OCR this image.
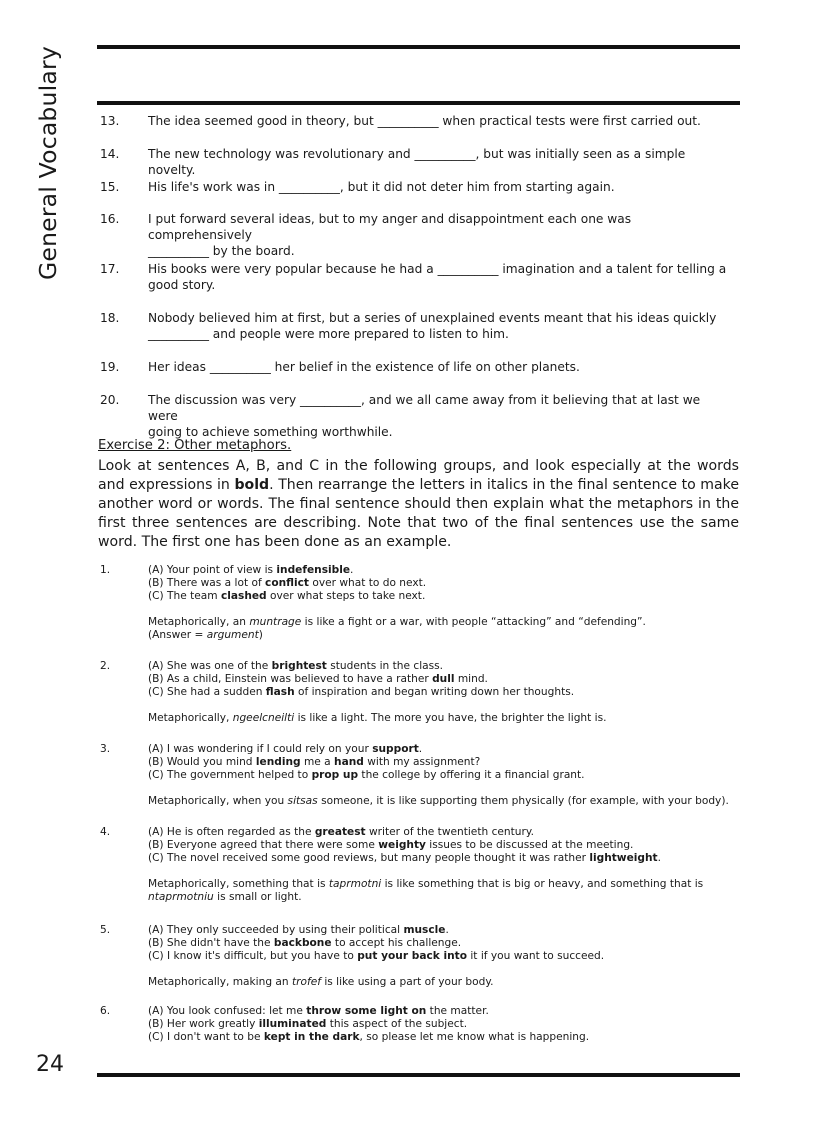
General Vocabulary	13. The idea seemed good in theory, but __________ when practical tests were first carried out.
14. The new technology was revolutionary and __________, but was initially seen as a simple novelty.
15. His life's work was in __________, but it did not deter him from starting again.
16. I put forward several ideas, but to my anger and disappointment each one was comprehensively
__________ by the board.
17. His books were very popular because he had a __________ imagination and a talent for telling a
good story.
18. Nobody believed him at first, but a series of unexplained events meant that his ideas quickly
__________ and people were more prepared to listen to him.
19. Her ideas __________ her belief in the existence of life on other planets.
20. The discussion was very __________, and we all came away from it believing that at last we were
going to achieve something worthwhile.
Exercise 2: Other metaphors.
Look at sentences A, B, and C in the following groups, and look especially at the words and expressions in bold. Then rearrange the letters in italics in the final sentence to make another word or words. The final sentence should then explain what the metaphors in the first three sentences are describing. Note that two of the final sentences use the same word. The first one has been done as an example.
1.	(A) Your point of view is indefensible.
(B) There was a lot of conflict over what to do next.
(C) The team clashed over what steps to take next.
Metaphorically, an muntrage is like a fight or a war, with people “attacking” and “defending”.
(Answer = argument)
2.	(A) She was one of the brightest students in the class.
(B) As a child, Einstein was believed to have a rather dull mind.
(C) She had a sudden flash of inspiration and began writing down her thoughts.
Metaphorically, ngeelcneilti is like a light. The more you have, the brighter the light is.
3.	(A) I was wondering if I could rely on your support.
(B) Would you mind lending me a hand with my assignment?
(C) The government helped to prop up the college by offering it a financial grant.
Metaphorically, when you sitsas someone, it is like supporting them physically (for example, with your body).
4.	(A) He is often regarded as the greatest writer of the twentieth century.
(B) Everyone agreed that there were some weighty issues to be discussed at the meeting.
(C) The novel received some good reviews, but many people thought it was rather lightweight.
Metaphorically, something that is taprmotni is like something that is big or heavy, and something that is
ntaprmotniu is small or light.
5.	(A) They only succeeded by using their political muscle.
(B) She didn't have the backbone to accept his challenge.
(C) I know it's difficult, but you have to put your back into it if you want to succeed.
Metaphorically, making an trofef is like using a part of your body.
6.	(A) You look confused: let me throw some light on the matter.
(B) Her work greatly illuminated this aspect of the subject.
(C) I don't want to be kept in the dark, so please let me know what is happening.
24
